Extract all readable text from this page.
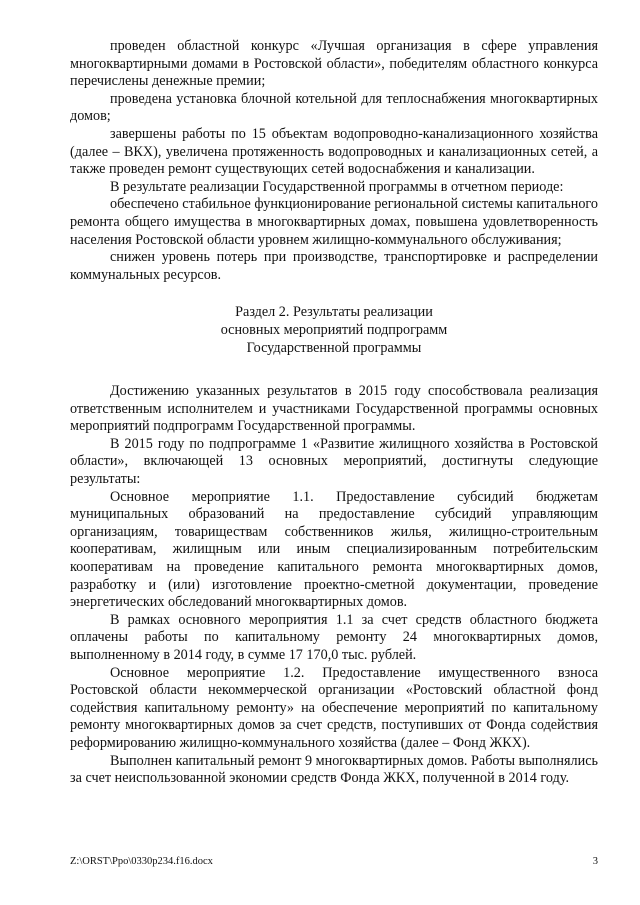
проведен областной конкурс «Лучшая организация в сфере управления многоквартирными домами в Ростовской области», победителям областного конкурса перечислены денежные премии;

проведена установка блочной котельной для теплоснабжения многоквартирных домов;

завершены работы по 15 объектам водопроводно-канализационного хозяйства (далее – ВКХ), увеличена протяженность водопроводных и канализационных сетей, а также проведен ремонт существующих сетей водоснабжения и канализации.

В результате реализации Государственной программы в отчетном периоде:

обеспечено стабильное функционирование региональной системы капитального ремонта общего имущества в многоквартирных домах, повышена удовлетворенность населения Ростовской области уровнем жилищно-коммунального обслуживания;

снижен уровень потерь при производстве, транспортировке и распределении коммунальных ресурсов.

Раздел 2. Результаты реализации
основных мероприятий подпрограмм
Государственной программы

Достижению указанных результатов в 2015 году способствовала реализация ответственным исполнителем и участниками Государственной программы основных мероприятий подпрограмм Государственной программы.

В 2015 году по подпрограмме 1 «Развитие жилищного хозяйства в Ростовской области», включающей 13 основных мероприятий, достигнуты следующие результаты:

Основное мероприятие 1.1. Предоставление субсидий бюджетам муниципальных образований на предоставление субсидий управляющим организациям, товариществам собственников жилья, жилищно-строительным кооперативам, жилищным или иным специализированным потребительским кооперативам на проведение капитального ремонта многоквартирных домов, разработку и (или) изготовление проектно-сметной документации, проведение энергетических обследований многоквартирных домов.

В рамках основного мероприятия 1.1 за счет средств областного бюджета оплачены работы по капитальному ремонту 24 многоквартирных домов, выполненному в 2014 году, в сумме 17 170,0 тыс. рублей.

Основное мероприятие 1.2. Предоставление имущественного взноса Ростовской области некоммерческой организации «Ростовский областной фонд содействия капитальному ремонту» на обеспечение мероприятий по капитальному ремонту многоквартирных домов за счет средств, поступивших от Фонда содействия реформированию жилищно-коммунального хозяйства (далее – Фонд ЖКХ).

Выполнен капитальный ремонт 9 многоквартирных домов. Работы выполнялись за счет неиспользованной экономии средств Фонда ЖКХ, полученной в 2014 году.

Z:\ORST\Ppo\0330p234.f16.docx	3
